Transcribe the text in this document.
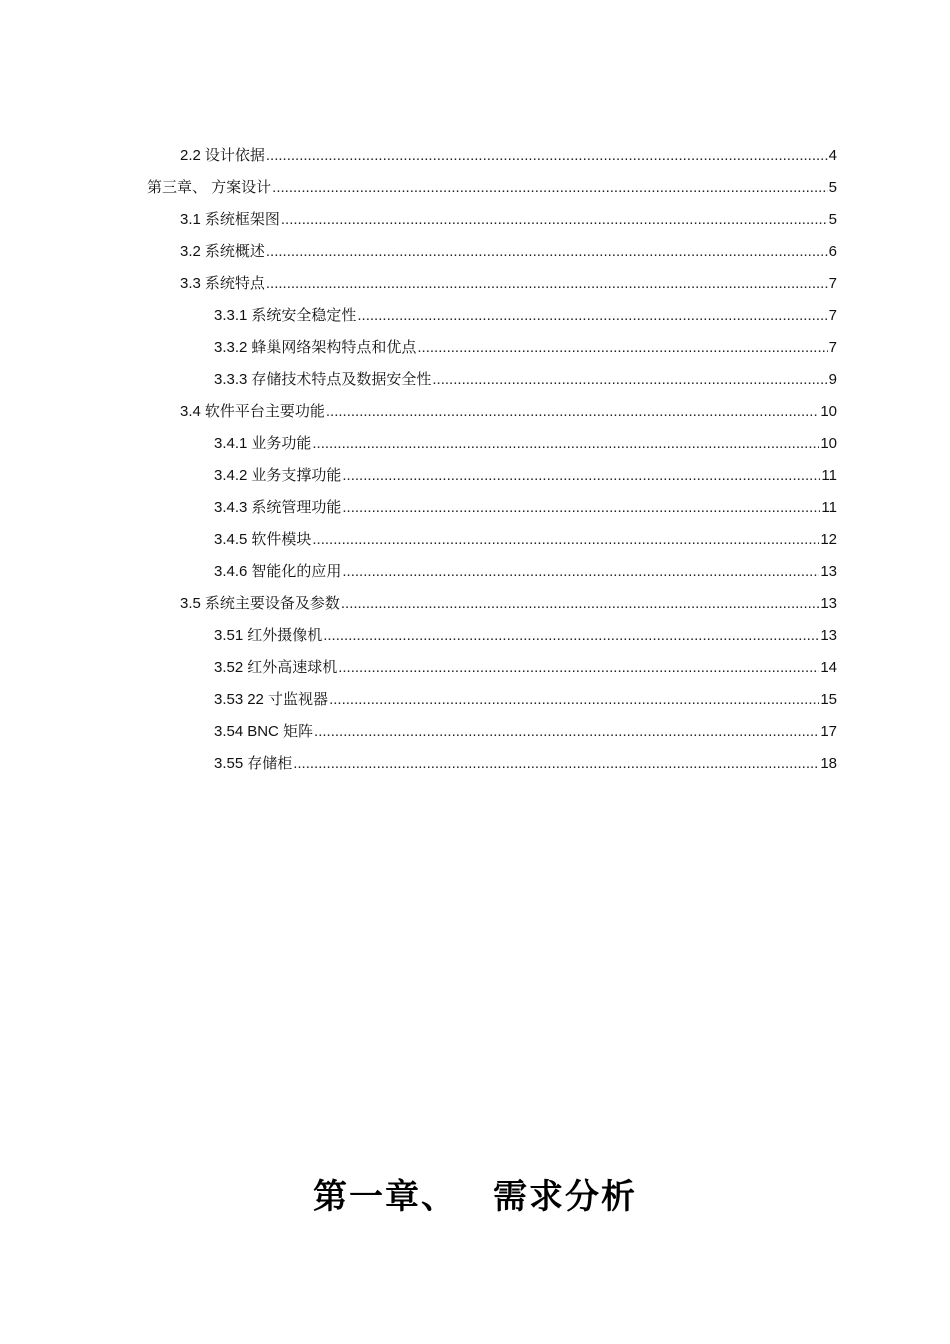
2.2 设计依据 .....	4
第三章、 方案设计 .....	5
3.1 系统框架图 .....	5
3.2 系统概述 .....	6
3.3 系统特点 .....	7
3.3.1 系统安全稳定性 .....	7
3.3.2 蜂巢网络架构特点和优点 .....	7
3.3.3 存储技术特点及数据安全性 .....	9
3.4 软件平台主要功能 .....	10
3.4.1 业务功能 .....	10
3.4.2 业务支撑功能 .....	11
3.4.3 系统管理功能 .....	11
3.4.5 软件模块 .....	12
3.4.6 智能化的应用 .....	13
3.5 系统主要设备及参数 .....	13
3.51 红外摄像机 .....	13
3.52 红外高速球机 .....	14
3.53 22 寸监视器 .....	15
3.54 BNC 矩阵 .....	17
3.55 存储柜 .....	18
第一章、 需求分析
